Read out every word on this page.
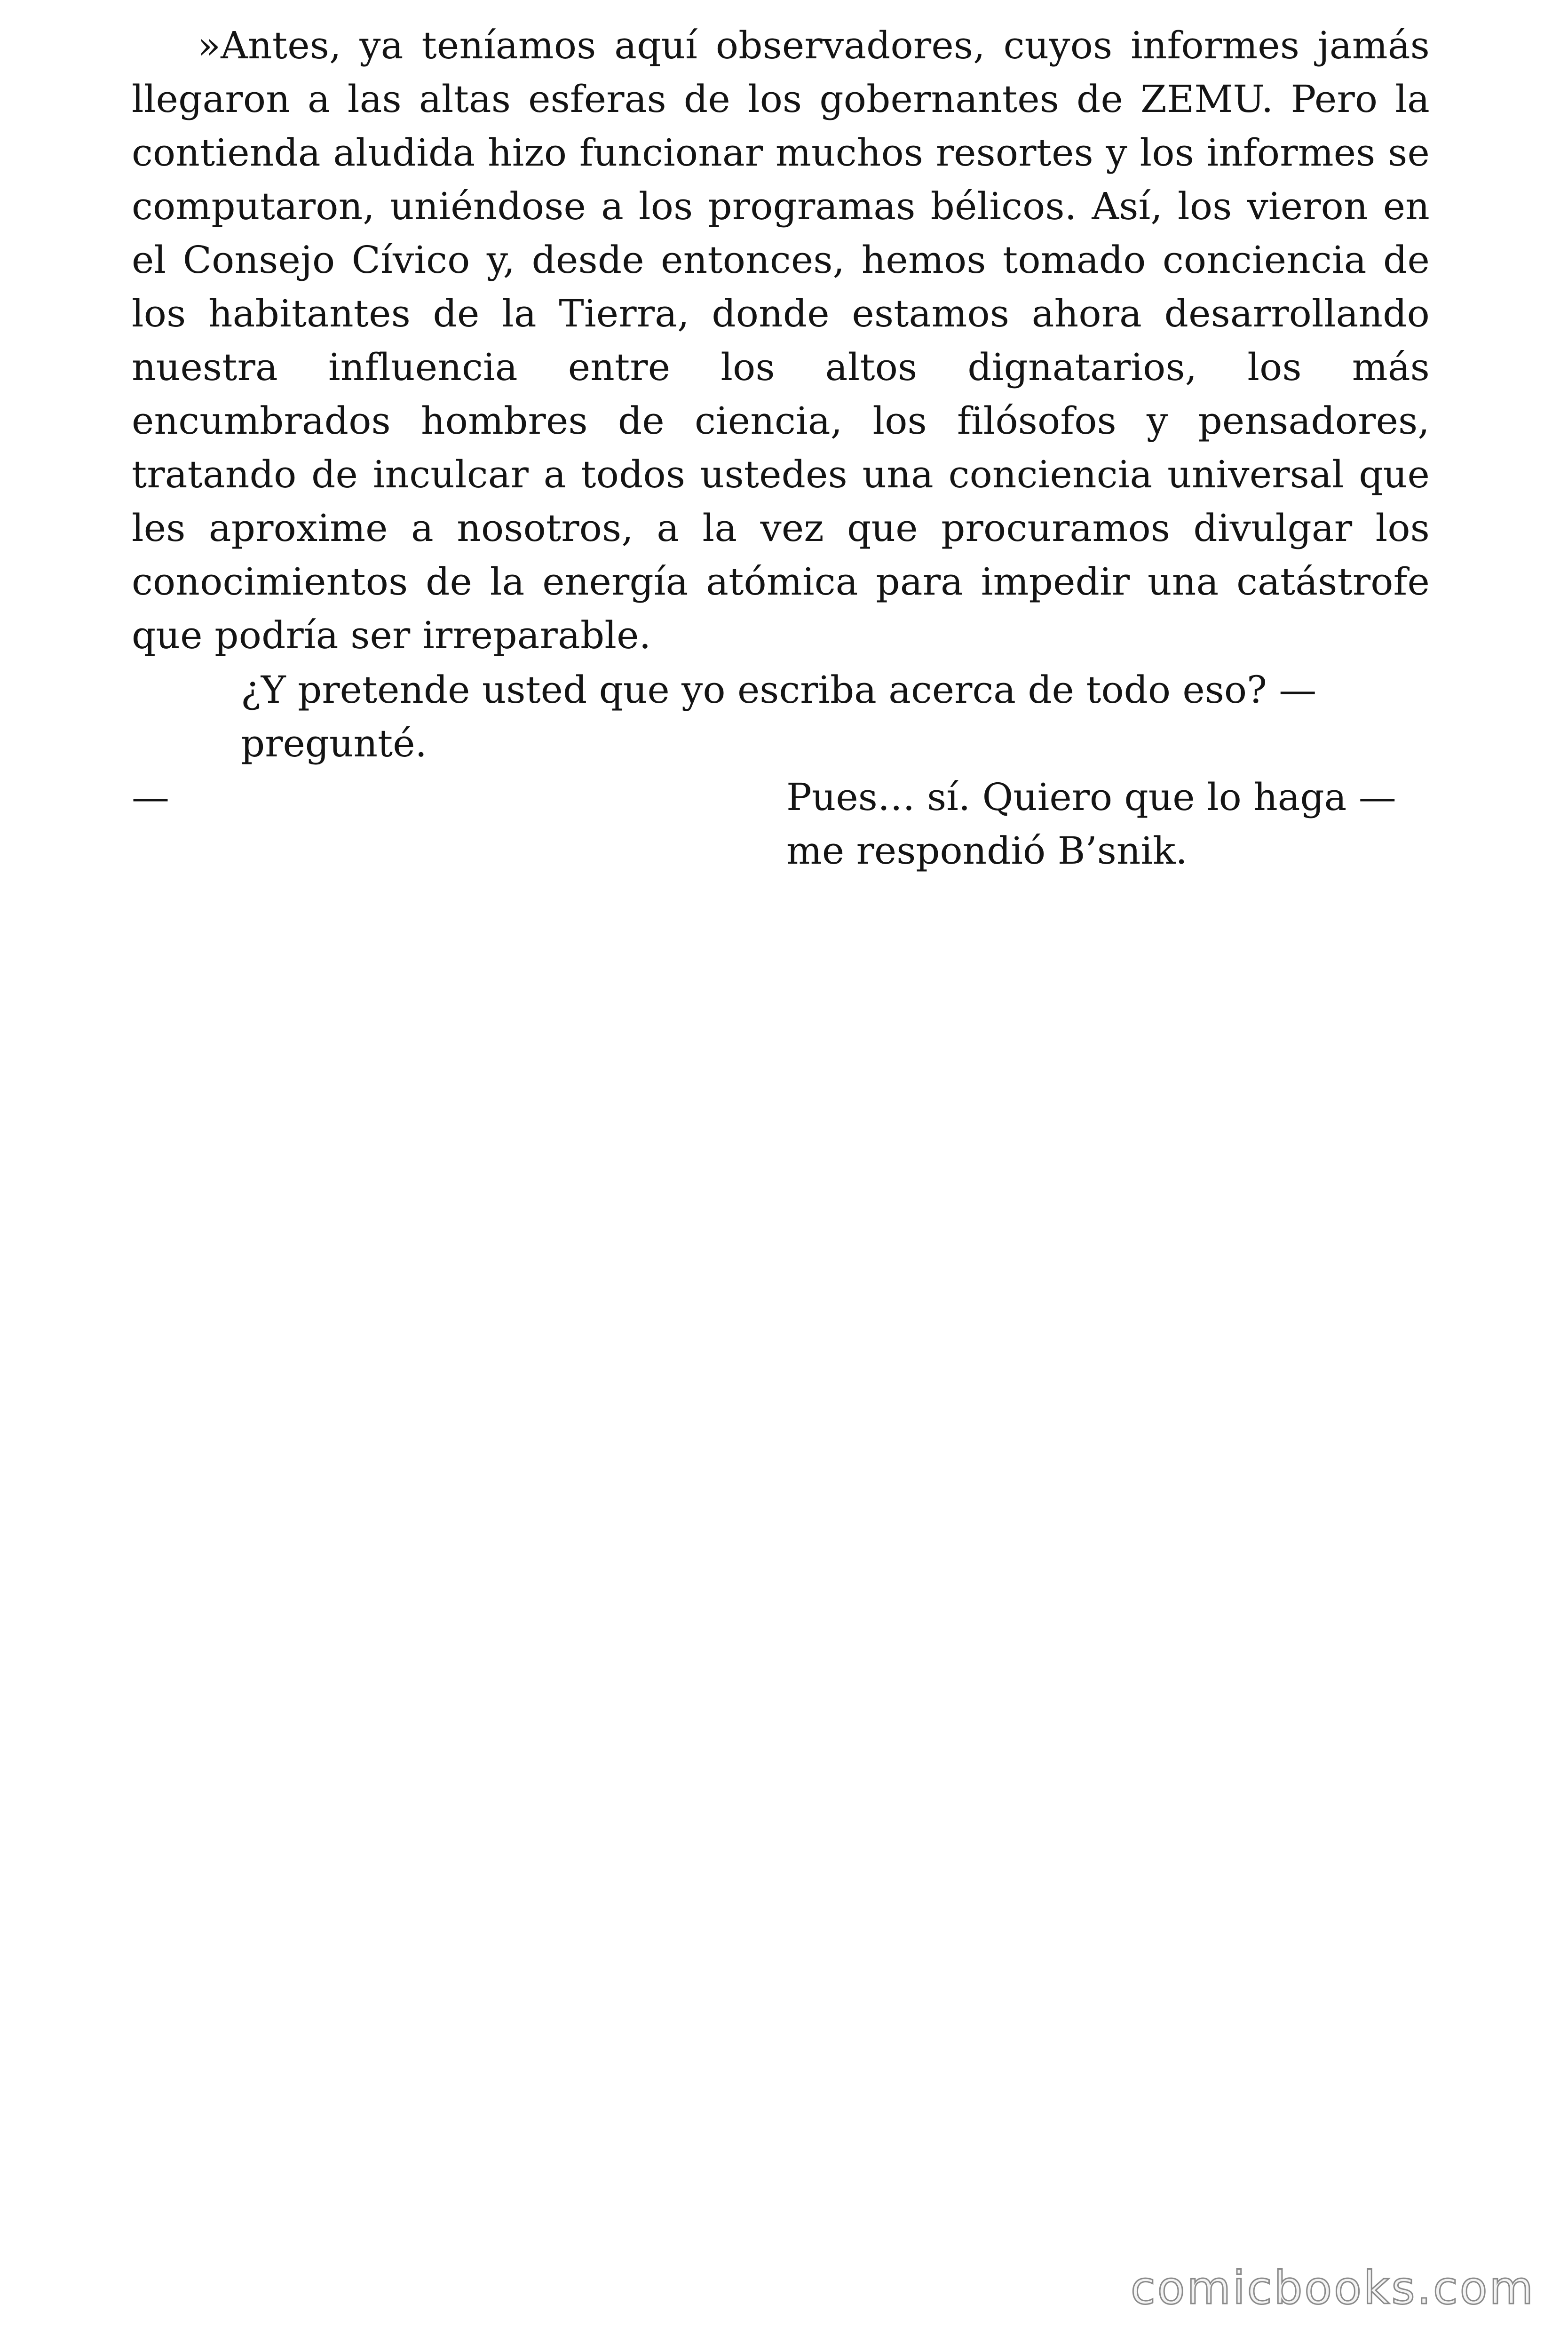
»Antes, ya teníamos aquí observadores, cuyos informes jamás llegaron a las altas esferas de los gobernantes de ZEMU. Pero la contienda aludida hizo funcionar muchos resortes y los informes se computaron, uniéndose a los programas bélicos. Así, los vieron en el Consejo Cívico y, desde entonces, hemos tomado conciencia de los habitantes de la Tierra, donde estamos ahora desarrollando nuestra influencia entre los altos dignatarios, los más encumbrados hombres de ciencia, los filósofos y pensadores, tratando de inculcar a todos ustedes una conciencia universal que les aproxime a nosotros, a la vez que procuramos divulgar los conocimientos de la energía atómica para impedir una catástrofe que podría ser irreparable.

¿Y pretende usted que yo escriba acerca de todo eso? —
pregunté.
—	Pues… sí. Quiero que lo haga —
me respondió B’snik.
comicbooks.com
